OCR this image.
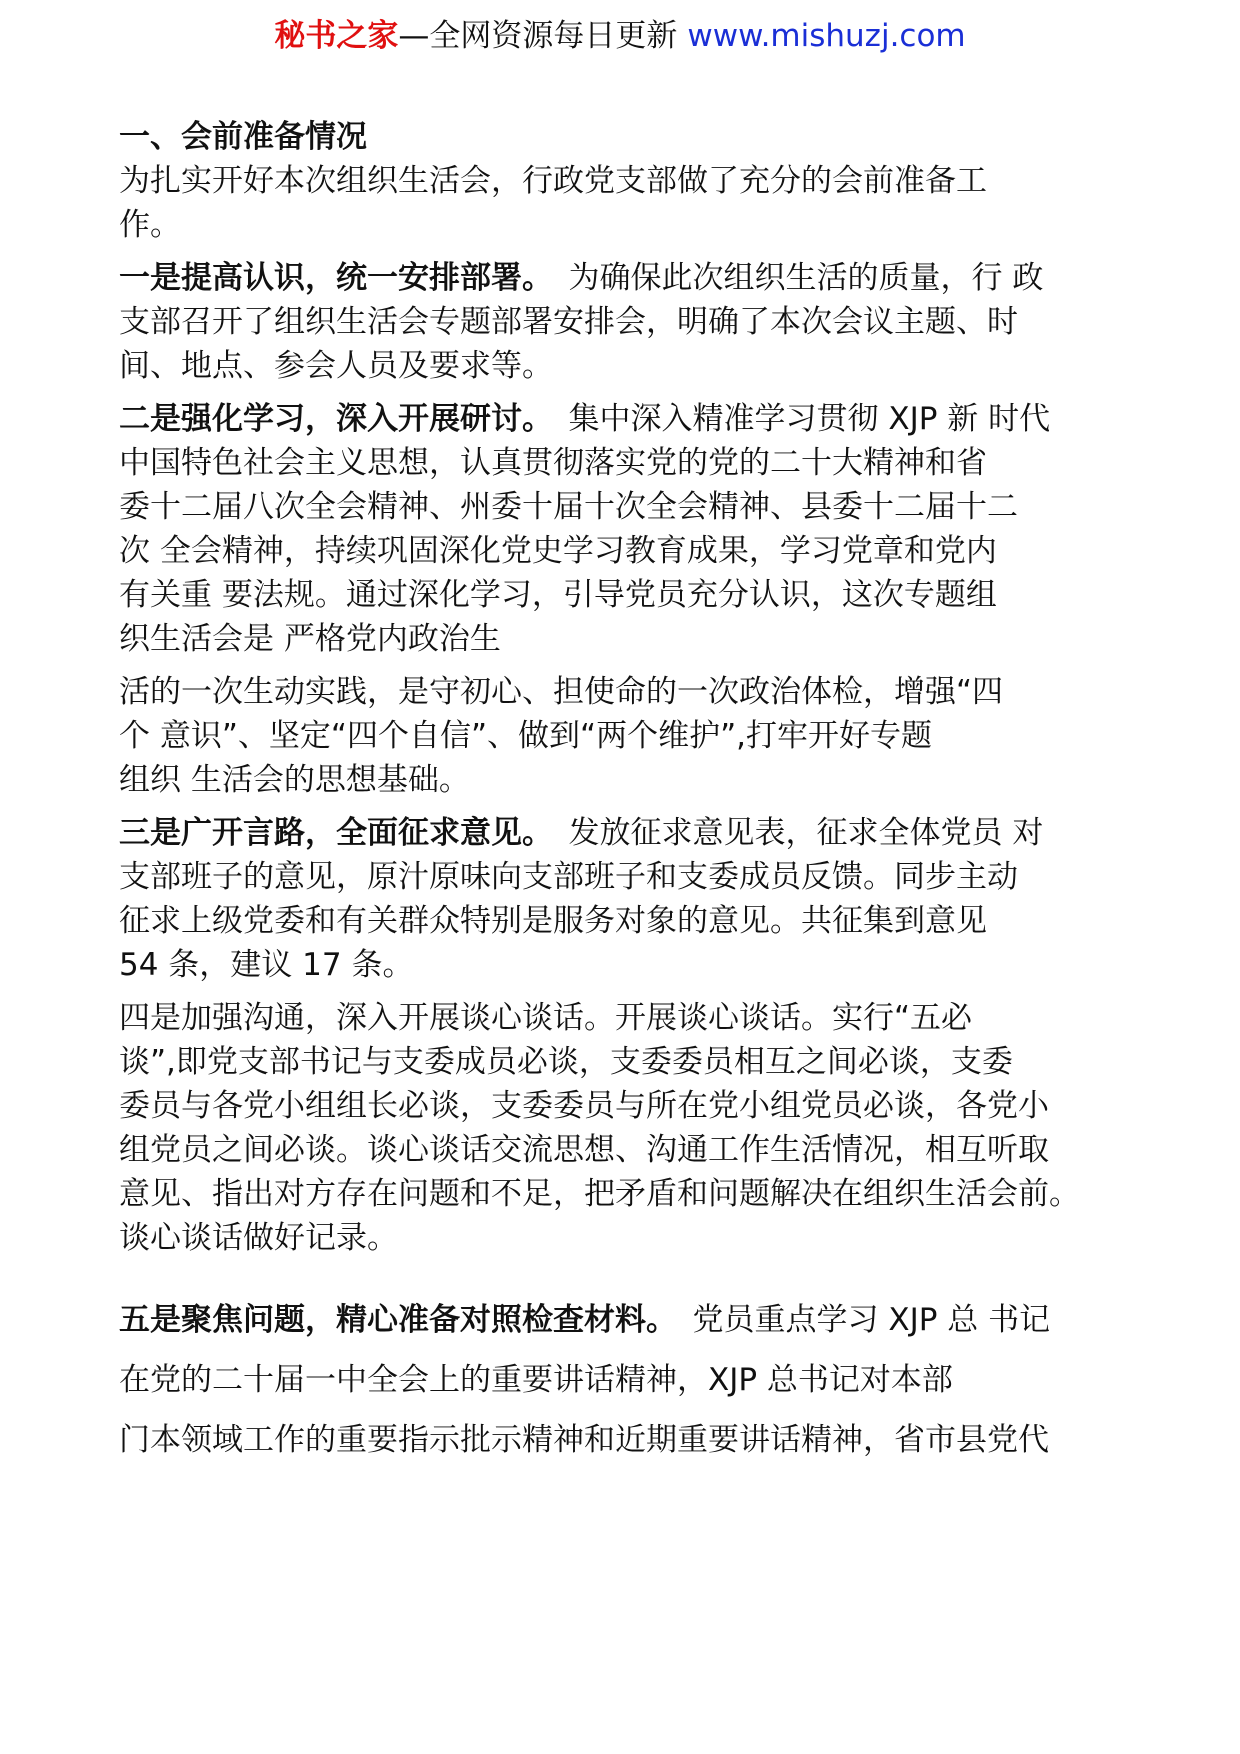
秘书之家—全网资源每日更新 www.mishuzj.com

一、会前准备情况

为扎实开好本次组织生活会，行政党支部做了充分的会前准备工
作。

一是提高认识，统一安排部署。　为确保此次组织生活的质量，行 政
支部召开了组织生活会专题部署安排会，明确了本次会议主题、时
间、地点、参会人员及要求等。

二是强化学习，深入开展研讨。　集中深入精准学习贯彻 XJP 新 时代
中国特色社会主义思想，认真贯彻落实党的党的二十大精神和省
委十二届八次全会精神、州委十届十次全会精神、县委十二届十二
次 全会精神，持续巩固深化党史学习教育成果，学习党章和党内
有关重 要法规。通过深化学习，引导党员充分认识，这次专题组
织生活会是 严格党内政治生

活的一次生动实践，是守初心、担使命的一次政治体检，增强“四
个 意识”、坚定“四个自信”、做到“两个维护”,打牢开好专题
组织 生活会的思想基础。

三是广开言路，全面征求意见。　发放征求意见表，征求全体党员 对
支部班子的意见，原汁原味向支部班子和支委成员反馈。同步主动
征求上级党委和有关群众特别是服务对象的意见。共征集到意见
54 条，建议 17 条。

四是加强沟通，深入开展谈心谈话。开展谈心谈话。实行“五必
谈”,即党支部书记与支委成员必谈，支委委员相互之间必谈，支委
委员与各党小组组长必谈，支委委员与所在党小组党员必谈，各党小
组党员之间必谈。谈心谈话交流思想、沟通工作生活情况，相互听取
意见、指出对方存在问题和不足，把矛盾和问题解决在组织生活会前。
谈心谈话做好记录。

五是聚焦问题，精心准备对照检查材料。　党员重点学习 XJP 总 书记
在党的二十届一中全会上的重要讲话精神，XJP 总书记对本部
门本领域工作的重要指示批示精神和近期重要讲话精神，省市县党代
